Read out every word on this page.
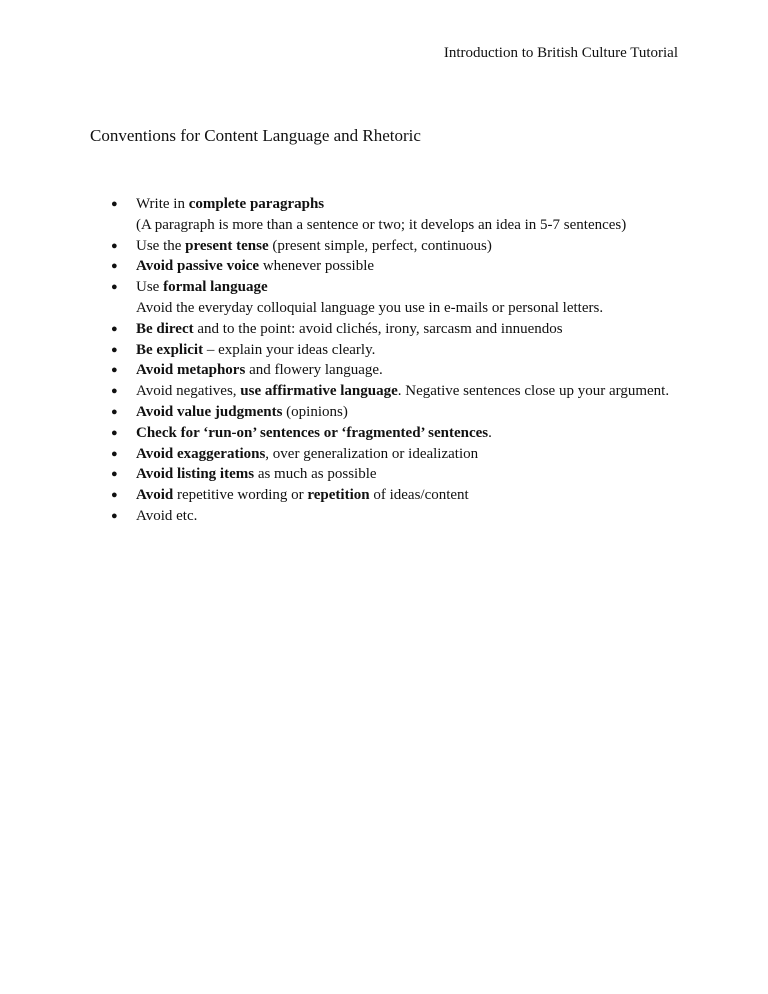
Introduction to British Culture Tutorial
Conventions for Content Language and Rhetoric
● Write in complete paragraphs
(A paragraph is more than a sentence or two; it develops an idea in 5-7 sentences)
● Use the present tense (present simple, perfect, continuous)
● Avoid passive voice whenever possible
● Use formal language
Avoid the everyday colloquial language you use in e-mails or personal letters.
● Be direct and to the point: avoid clichés, irony, sarcasm and innuendos
● Be explicit – explain your ideas clearly.
● Avoid metaphors and flowery language.
● Avoid negatives, use affirmative language. Negative sentences close up your argument.
● Avoid value judgments (opinions)
● Check for ‘run-on’ sentences or ‘fragmented’ sentences.
● Avoid exaggerations, over generalization or idealization
● Avoid listing items as much as possible
● Avoid repetitive wording or repetition of ideas/content
● Avoid etc.
